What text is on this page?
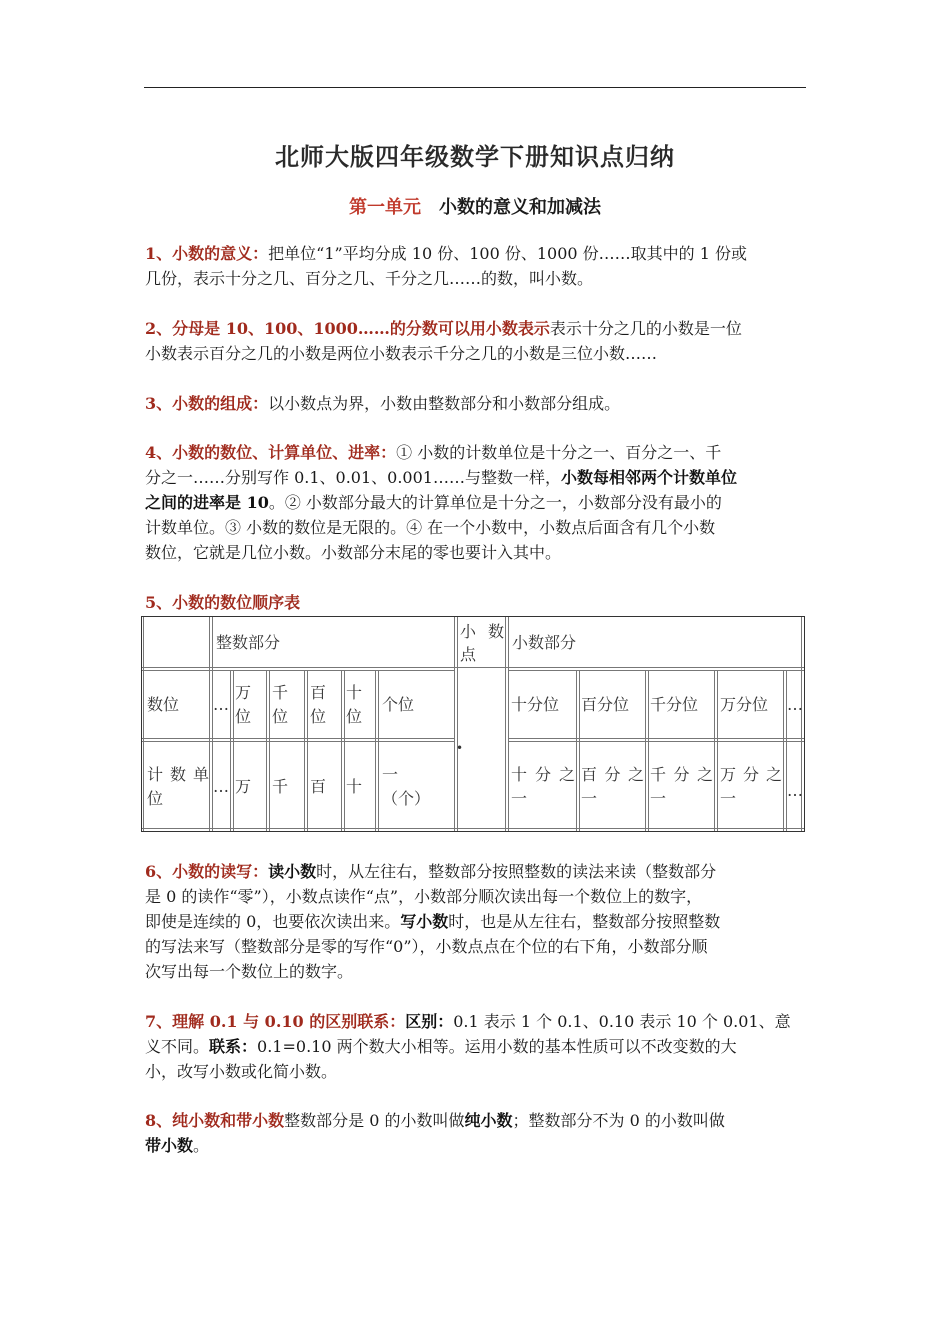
北师大版四年级数学下册知识点归纳
第一单元 小数的意义和加减法
1、小数的意义：把单位“1”平均分成 10 份、100 份、1000 份……取其中的 1 份或
几份，表示十分之几、百分之几、千分之几……的数，叫小数。
2、分母是 10、100、1000……的分数可以用小数表示表示十分之几的小数是一位
小数表示百分之几的小数是两位小数表示千分之几的小数是三位小数……
3、小数的组成：以小数点为界，小数由整数部分和小数部分组成。
4、小数的数位、计算单位、进率：① 小数的计数单位是十分之一、百分之一、千
分之一……分别写作 0.1、0.01、0.001……与整数一样，小数每相邻两个计数单位
之间的进率是 10。② 小数部分最大的计算单位是十分之一，小数部分没有最小的
计数单位。③ 小数的数位是无限的。④ 在一个小数中，小数点后面含有几个小数
数位，它就是几位小数。小数部分末尾的零也要计入其中。
5、小数的数位顺序表
整数部分
小 数
点
小数部分
数位 …
万
位
千
位
百
位
十
位
个位
•
十分位 百分位 千分位 万分位 …
计 数 单
位
… 万 千 百 十
一
（个）
十 分 之
一
百 分 之
一
千 分 之
一
万 分 之
一	…
6、小数的读写：读小数时，从左往右，整数部分按照整数的读法来读（整数部分
是 0 的读作“零”），小数点读作“点”，小数部分顺次读出每一个数位上的数字，
即使是连续的 0，也要依次读出来。写小数时，也是从左往右，整数部分按照整数
的写法来写（整数部分是零的写作“0”），小数点点在个位的右下角，小数部分顺
次写出每一个数位上的数字。
7、理解 0.1 与 0.10 的区别联系：区别：0.1 表示 1 个 0.1、0.10 表示 10 个 0.01、意
义不同。联系：0.1=0.10 两个数大小相等。运用小数的基本性质可以不改变数的大
小，改写小数或化简小数。
8、纯小数和带小数整数部分是 0 的小数叫做纯小数；整数部分不为 0 的小数叫做
带小数。
